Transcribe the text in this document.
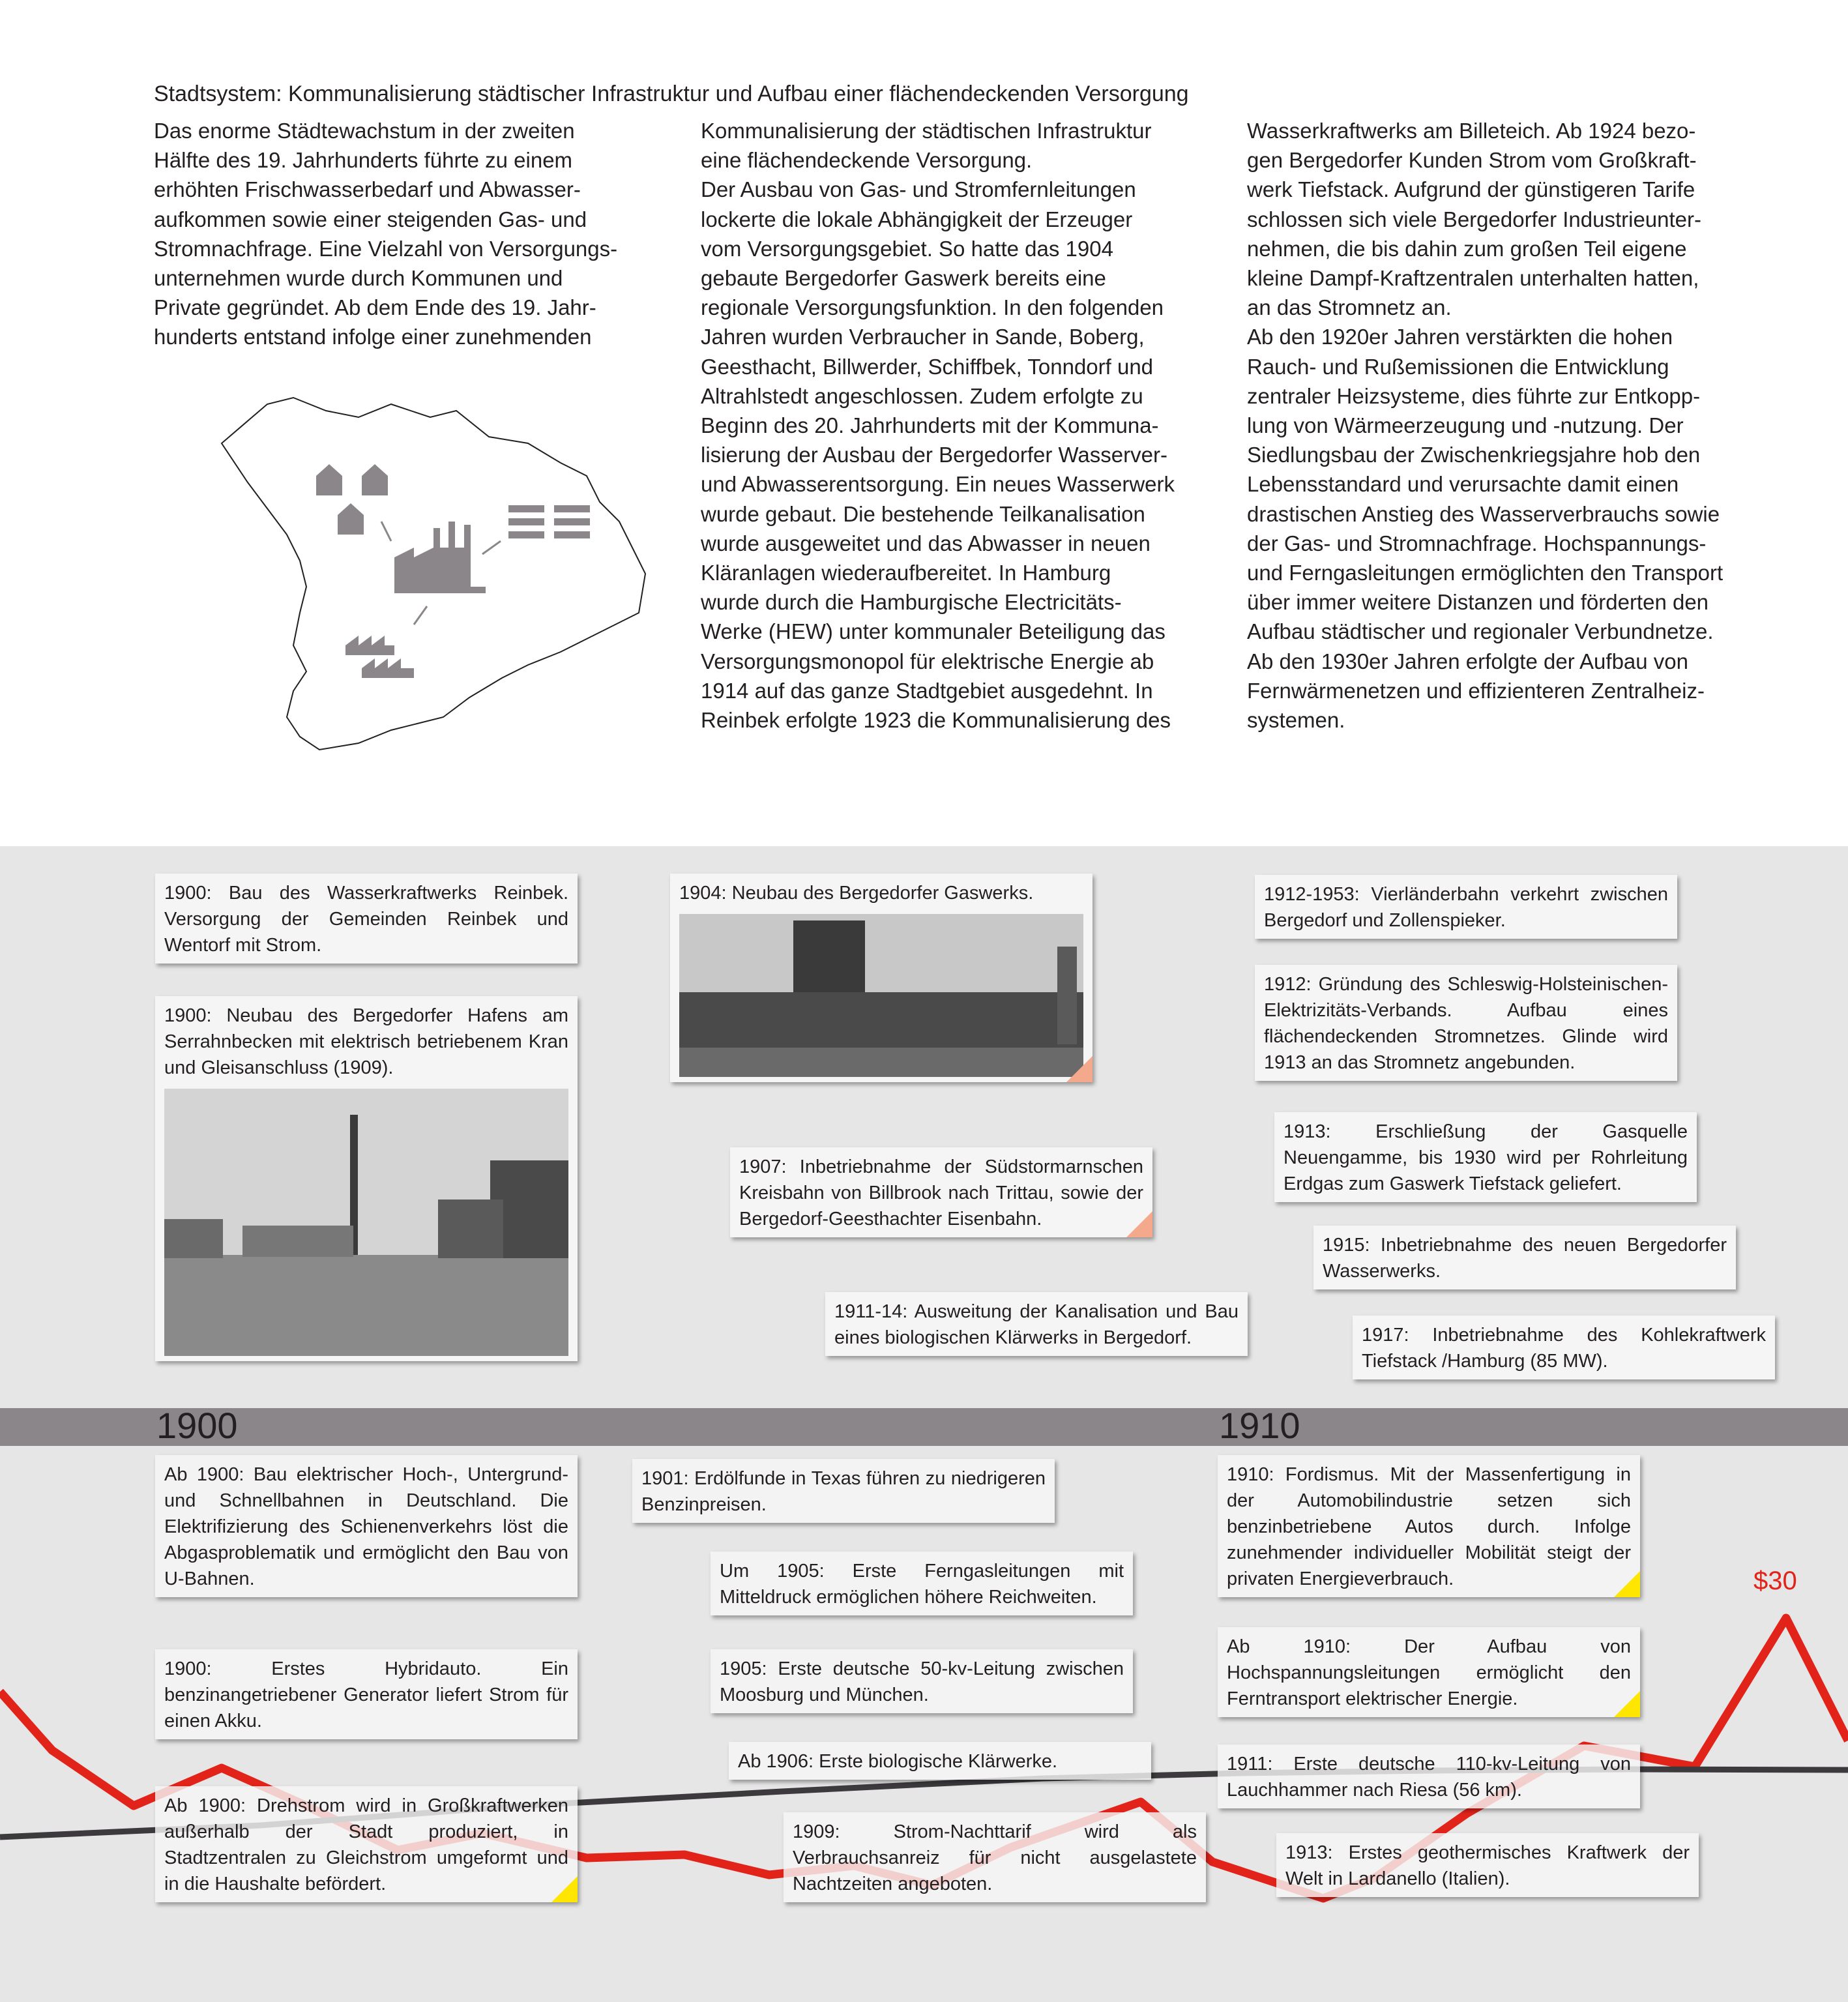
Stadtsystem: Kommunalisierung städtischer Infrastruktur und Aufbau einer flächendeckenden Versorgung

Das enorme Städtewachstum in der zweiten
Hälfte des 19. Jahrhunderts führte zu einem
erhöhten Frischwasserbedarf und Abwasser-
aufkommen sowie einer steigenden Gas- und
Stromnachfrage. Eine Vielzahl von Versorgungs-
unternehmen wurde durch Kommunen und
Private gegründet. Ab dem Ende des 19. Jahr-
hunderts entstand infolge einer zunehmenden

Kommunalisierung der städtischen Infrastruktur
eine flächendeckende Versorgung.
Der Ausbau von Gas- und Stromfernleitungen
lockerte die lokale Abhängigkeit der Erzeuger
vom Versorgungsgebiet. So hatte das 1904
gebaute Bergedorfer Gaswerk bereits eine
regionale Versorgungsfunktion. In den folgenden
Jahren wurden Verbraucher in Sande, Boberg,
Geesthacht, Billwerder, Schiffbek, Tonndorf und
Altrahlstedt angeschlossen. Zudem erfolgte zu
Beginn des 20. Jahrhunderts mit der Kommuna-
lisierung der Ausbau der Bergedorfer Wasserver-
und Abwasserentsorgung. Ein neues Wasserwerk
wurde gebaut. Die bestehende Teilkanalisation
wurde ausgeweitet und das Abwasser in neuen
Kläranlagen wiederaufbereitet. In Hamburg
wurde durch die Hamburgische Electricitäts-
Werke (HEW) unter kommunaler Beteiligung das
Versorgungsmonopol für elektrische Energie ab
1914 auf das ganze Stadtgebiet ausgedehnt. In
Reinbek erfolgte 1923 die Kommunalisierung des

Wasserkraftwerks am Billeteich. Ab 1924 bezo-
gen Bergedorfer Kunden Strom vom Großkraft-
werk Tiefstack. Aufgrund der günstigeren Tarife
schlossen sich viele Bergedorfer Industrieunter-
nehmen, die bis dahin zum großen Teil eigene
kleine Dampf-Kraftzentralen unterhalten hatten,
an das Stromnetz an.
Ab den 1920er Jahren verstärkten die hohen
Rauch- und Rußemissionen die Entwicklung
zentraler Heizsysteme, dies führte zur Entkopp-
lung von Wärmeerzeugung und -nutzung. Der
Siedlungsbau der Zwischenkriegsjahre hob den
Lebensstandard und verursachte damit einen
drastischen Anstieg des Wasserverbrauchs sowie
der Gas- und Stromnachfrage. Hochspannungs-
und Ferngasleitungen ermöglichten den Transport
über immer weitere Distanzen und förderten den
Aufbau städtischer und regionaler Verbundnetze.
Ab den 1930er Jahren erfolgte der Aufbau von
Fernwärmenetzen und effizienteren Zentralheiz-
systemen.

1900	1910
$30
1900: Bau des Wasserkraftwerks Reinbek. Versorgung der Gemeinden Reinbek und Wentorf mit Strom.
1900: Neubau des Bergedorfer Hafens am Serrahnbecken mit elektrisch betriebenem Kran und Gleisanschluss (1909).
1904: Neubau des Bergedorfer Gaswerks.
1907: Inbetriebnahme der Südstormarnschen Kreisbahn von Billbrook nach Trittau, sowie der Bergedorf-Geesthachter Eisenbahn.
1911-14: Ausweitung der Kanalisation und Bau eines biologischen Klärwerks in Bergedorf.
1912-1953: Vierländerbahn verkehrt zwischen Bergedorf und Zollenspieker.
1912: Gründung des Schleswig-Holsteinischen-Elektrizitäts-Verbands. Aufbau eines flächendeckenden Stromnetzes. Glinde wird 1913 an das Stromnetz angebunden.
1913: Erschließung der Gasquelle Neuengamme, bis 1930 wird per Rohrleitung Erdgas zum Gaswerk Tiefstack geliefert.
1915: Inbetriebnahme des neuen Bergedorfer Wasserwerks.
1917: Inbetriebnahme des Kohlekraftwerk Tiefstack /Hamburg (85 MW).
Ab 1900: Bau elektrischer Hoch-, Untergrund- und Schnellbahnen in Deutschland. Die Elektrifizierung des Schienenverkehrs löst die Abgasproblematik und ermöglicht den Bau von U-Bahnen.
1900: Erstes Hybridauto. Ein benzinangetriebener Generator liefert Strom für einen Akku.
Ab 1900: Drehstrom wird in Großkraftwerken außerhalb der Stadt produziert, in Stadtzentralen zu Gleichstrom umgeformt und in die Haushalte befördert.
1901: Erdölfunde in Texas führen zu niedrigeren Benzinpreisen.
Um 1905: Erste Ferngasleitungen mit Mitteldruck ermöglichen höhere Reichweiten.
1905: Erste deutsche 50-kv-Leitung zwischen Moosburg und München.
Ab 1906: Erste biologische Klärwerke.
1909: Strom-Nachttarif wird als Verbrauchsanreiz für nicht ausgelastete Nachtzeiten angeboten.
1910: Fordismus. Mit der Massenfertigung in der Automobilindustrie setzen sich benzinbetriebene Autos durch. Infolge zunehmender individueller Mobilität steigt der privaten Energieverbrauch.
Ab 1910: Der Aufbau von Hochspannungsleitungen ermöglicht den Ferntransport elektrischer Energie.
1911: Erste deutsche 110-kv-Leitung von Lauchhammer nach Riesa (56 km).
1913: Erstes geothermisches Kraftwerk der Welt in Lardanello (Italien).
